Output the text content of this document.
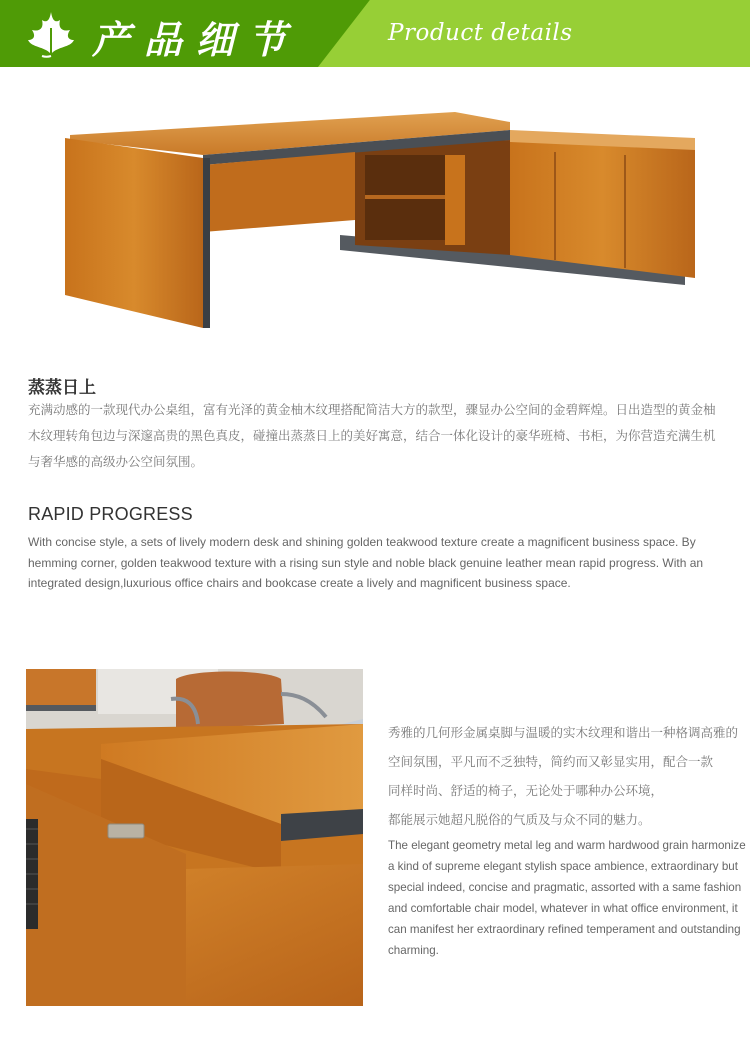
产品细节	Product details
蒸蒸日上
充满动感的一款现代办公桌组，富有光泽的黄金柚木纹理搭配简洁大方的款型，骤显办公空间的金碧辉煌。日出造型的黄金柚木纹理转角包边与深邃高贵的黑色真皮，碰撞出蒸蒸日上的美好寓意，结合一体化设计的豪华班椅、书柜，为你营造充满生机与奢华感的高级办公空间氛围。
RAPID PROGRESS
With concise style, a sets of lively modern desk and shining golden teakwood texture create a magnificent business space. By hemming corner, golden teakwood texture with a rising sun style and noble black genuine leather mean rapid progress. With an integrated design,luxurious office chairs and bookcase create a lively and magnificent business space.

秀雅的几何形金属桌脚与温暖的实木纹理和谐出一种格调高雅的

空间氛围，平凡而不乏独特，简约而又彰显实用，配合一款

同样时尚、舒适的椅子，无论处于哪种办公环境，

都能展示她超凡脱俗的气质及与众不同的魅力。

The elegant geometry metal leg and warm hardwood grain harmonize

a kind of supreme elegant stylish space ambience, extraordinary but

special indeed, concise and pragmatic, assorted with a same fashion

and comfortable chair model, whatever in what office environment, it

can manifest her extraordinary refined temperament and outstanding

charming.
